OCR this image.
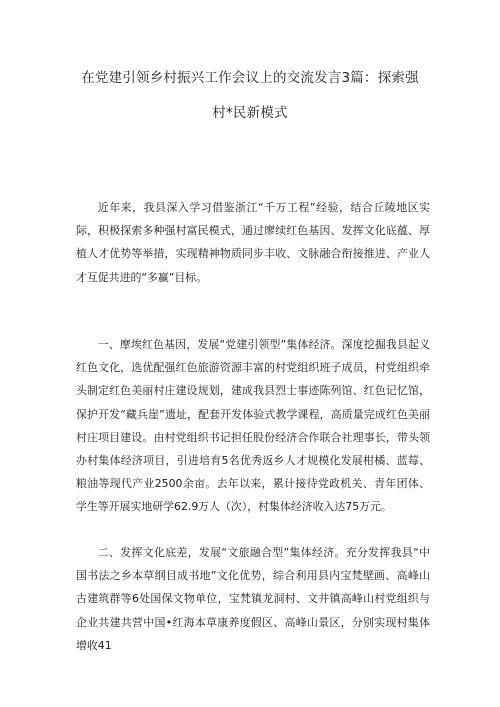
在党建引领乡村振兴工作会议上的交流发言3篇：探索强
村*民新模式

近年来，我县深入学习借鉴浙江“千万工程”经验，结合丘陵地区实际，积极探索多种强村富民模式，通过廖续红色基因、发挥文化底蕴、厚植人才优势等举措，实现精神物质同步丰收、文脉融合衔接推进、产业人才互促共进的“多赢”目标。

一、摩埃红色基因，发展“党建引领型”集体经济。深度挖掘我县起义红色文化，选优配强红色旅游资源丰富的村党组织班子成员，村党组织牵头制定红色美丽村庄建设规划，建成我县烈士事迹陈列馆、红色记忆馆，保护开发“藏兵崖”遗址，配套开发体验式教学课程，高质量完成红色美丽村庄项目建设。由村党组织书记担任股份经济合作联合社理事长，带头领办村集体经济项目，引进培育5名优秀返乡人才规模化发展柑橘、蓝莓、粮油等现代产业2500余亩。去年以来，累计接待党政机关、青年团体、学生等开展实地研学62.9万人（次），村集体经济收入达75万元。

二、发挥文化底差，发展“文旅融合型”集体经济。充分发挥我县“中国书法之乡本草纲目成书地”文化优势，综合利用县内宝梵壁画、高峰山古建筑群等6处国保文物单位，宝梵镇龙洞村、文井镇高峰山村党组织与企业共建共营中国•红海本草康养度假区、高峰山景区，分别实现村集体增收41
